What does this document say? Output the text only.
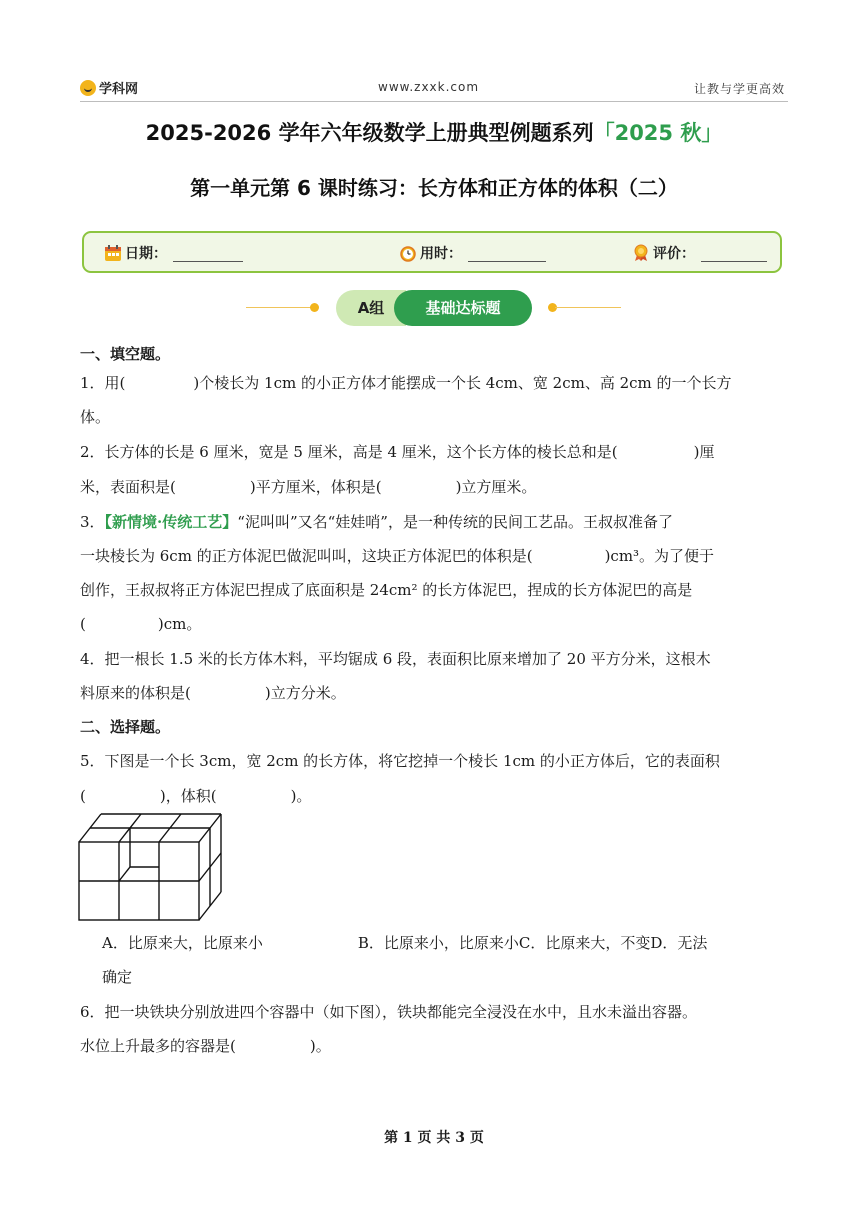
学科网	www.zxxk.com	让教与学更高效
2025-2026 学年六年级数学上册典型例题系列「2025 秋」
第一单元第 6 课时练习：长方体和正方体的体积（二）
日期：	用时：	评价：
A组	基础达标题
一、填空题。
1．用(	)个棱长为 1cm 的小正方体才能摆成一个长 4cm、宽 2cm、高 2cm 的一个长方
体。
2．长方体的长是 6 厘米，宽是 5 厘米，高是 4 厘米，这个长方体的棱长总和是(	)厘
米，表面积是(	)平方厘米，体积是(	)立方厘米。
3．【新情境·传统工艺】“泥叫叫”又名“娃娃哨”，是一种传统的民间工艺品。王叔叔准备了
一块棱长为 6cm 的正方体泥巴做泥叫叫，这块正方体泥巴的体积是(	)cm³。为了便于
创作，王叔叔将正方体泥巴捏成了底面积是 24cm² 的长方体泥巴，捏成的长方体泥巴的高是
(	)cm。
4．把一根长 1.5 米的长方体木料，平均锯成 6 段，表面积比原来增加了 20 平方分米，这根木
料原来的体积是(	)立方分米。
二、选择题。
5．下图是一个长 3cm，宽 2cm 的长方体，将它挖掉一个棱长 1cm 的小正方体后，它的表面积
(	)，体积(	)。
A．比原来大，比原来小	B．比原来小，比原来小C．比原来大，不变D．无法
确定
6．把一块铁块分别放进四个容器中（如下图），铁块都能完全浸没在水中，且水未溢出容器。
水位上升最多的容器是(	)。
第 1 页 共 3 页
